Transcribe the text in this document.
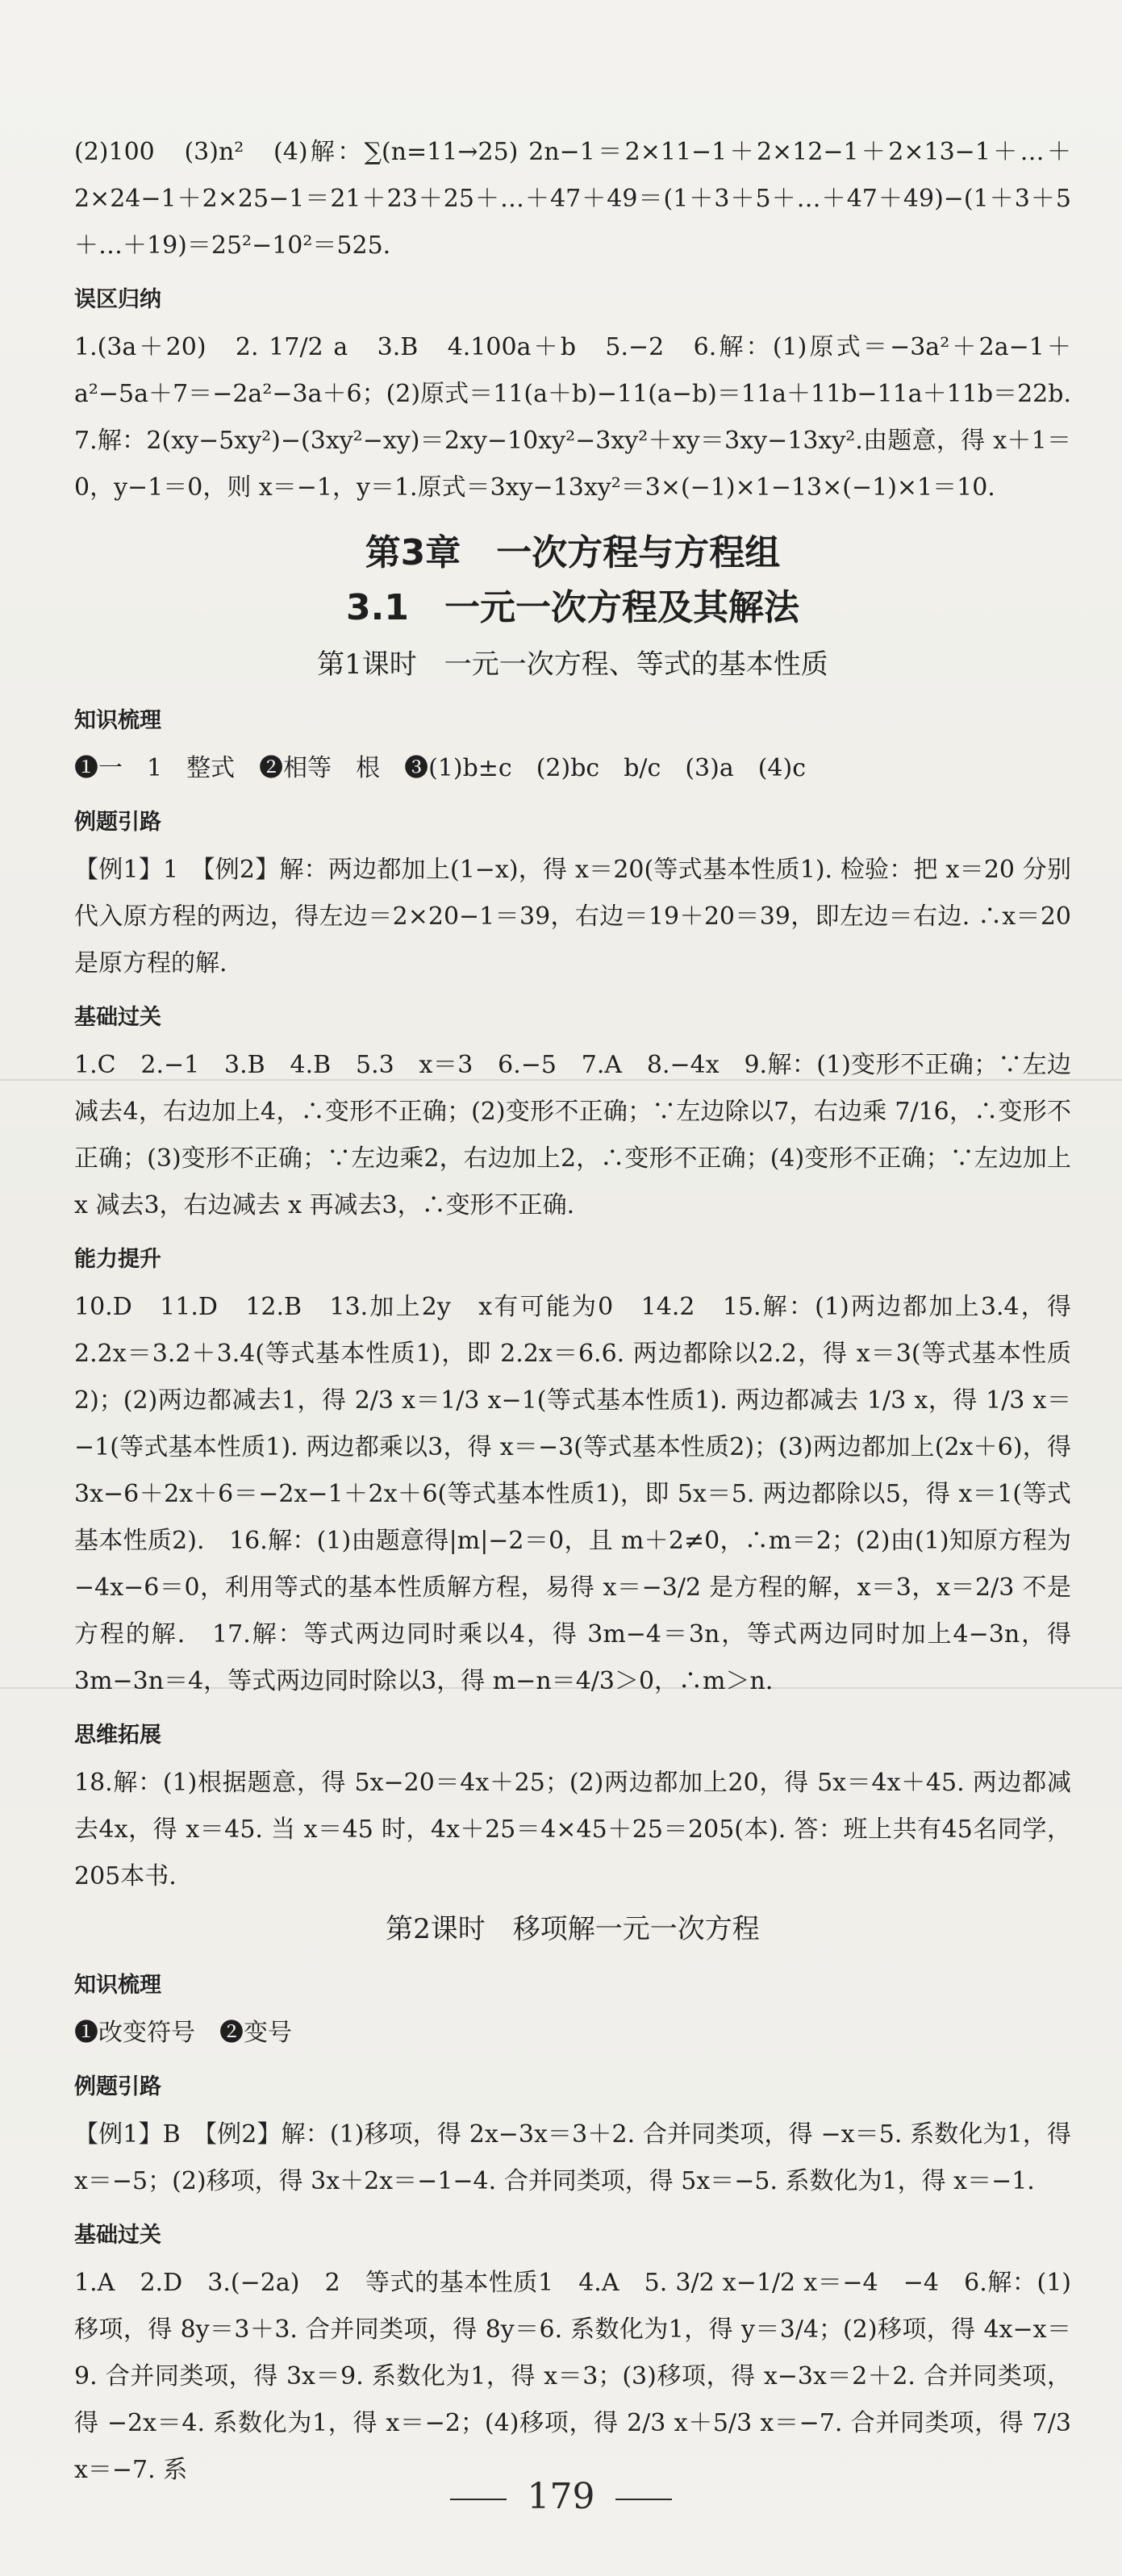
(2)100　(3)n²　(4)解：∑(n=11→25) 2n−1＝2×11−1＋2×12−1＋2×13−1＋…＋2×24−1＋2×25−1＝21＋23＋25＋…＋47＋49＝(1＋3＋5＋…＋47＋49)−(1＋3＋5＋…＋19)＝25²−10²＝525.
误区归纳
1.(3a＋20)　2. 17/2 a　3.B　4.100a＋b　5.−2　6.解：(1)原式＝−3a²＋2a−1＋a²−5a＋7＝−2a²−3a＋6；(2)原式＝11(a＋b)−11(a−b)＝11a＋11b−11a＋11b＝22b.　7.解：2(xy−5xy²)−(3xy²−xy)＝2xy−10xy²−3xy²＋xy＝3xy−13xy².由题意，得 x＋1＝0，y−1＝0，则 x＝−1，y＝1.原式＝3xy−13xy²＝3×(−1)×1−13×(−1)×1＝10.
第3章　一次方程与方程组
3.1　一元一次方程及其解法
第1课时　一元一次方程、等式的基本性质
知识梳理
❶一　1　整式　❷相等　根　❸(1)b±c　(2)bc　b/c　(3)a　(4)c
例题引路
【例1】1　【例2】解：两边都加上(1−x)，得 x＝20(等式基本性质1). 检验：把 x＝20 分别代入原方程的两边，得左边＝2×20−1＝39，右边＝19＋20＝39，即左边＝右边. ∴x＝20 是原方程的解.
基础过关
1.C　2.−1　3.B　4.B　5.3　x＝3　6.−5　7.A　8.−4x　9.解：(1)变形不正确；∵左边减去4，右边加上4，∴变形不正确；(2)变形不正确；∵左边除以7，右边乘 7/16，∴变形不正确；(3)变形不正确；∵左边乘2，右边加上2，∴变形不正确；(4)变形不正确；∵左边加上 x 减去3，右边减去 x 再减去3，∴变形不正确.
能力提升
10.D　11.D　12.B　13.加上2y　x有可能为0　14.2　15.解：(1)两边都加上3.4，得 2.2x＝3.2＋3.4(等式基本性质1)，即 2.2x＝6.6. 两边都除以2.2，得 x＝3(等式基本性质2)；(2)两边都减去1，得 2/3 x＝1/3 x−1(等式基本性质1). 两边都减去 1/3 x，得 1/3 x＝−1(等式基本性质1). 两边都乘以3，得 x＝−3(等式基本性质2)；(3)两边都加上(2x＋6)，得 3x−6＋2x＋6＝−2x−1＋2x＋6(等式基本性质1)，即 5x＝5. 两边都除以5，得 x＝1(等式基本性质2).　16.解：(1)由题意得|m|−2＝0，且 m＋2≠0，∴m＝2；(2)由(1)知原方程为 −4x−6＝0，利用等式的基本性质解方程，易得 x＝−3/2 是方程的解，x＝3，x＝2/3 不是方程的解.　17.解：等式两边同时乘以4，得 3m−4＝3n，等式两边同时加上4−3n，得 3m−3n＝4，等式两边同时除以3，得 m−n＝4/3＞0，∴m＞n.
思维拓展
18.解：(1)根据题意，得 5x−20＝4x＋25；(2)两边都加上20，得 5x＝4x＋45. 两边都减去4x，得 x＝45. 当 x＝45 时，4x＋25＝4×45＋25＝205(本). 答：班上共有45名同学，205本书.
第2课时　移项解一元一次方程
知识梳理
❶改变符号　❷变号
例题引路
【例1】B　【例2】解：(1)移项，得 2x−3x＝3＋2. 合并同类项，得 −x＝5. 系数化为1，得 x＝−5；(2)移项，得 3x＋2x＝−1−4. 合并同类项，得 5x＝−5. 系数化为1，得 x＝−1.
基础过关
1.A　2.D　3.(−2a)　2　等式的基本性质1　4.A　5. 3/2 x−1/2 x＝−4　−4　6.解：(1)移项，得 8y＝3＋3. 合并同类项，得 8y＝6. 系数化为1，得 y＝3/4；(2)移项，得 4x−x＝9. 合并同类项，得 3x＝9. 系数化为1，得 x＝3；(3)移项，得 x−3x＝2＋2. 合并同类项，得 −2x＝4. 系数化为1，得 x＝−2；(4)移项，得 2/3 x＋5/3 x＝−7. 合并同类项，得 7/3 x＝−7. 系
179
